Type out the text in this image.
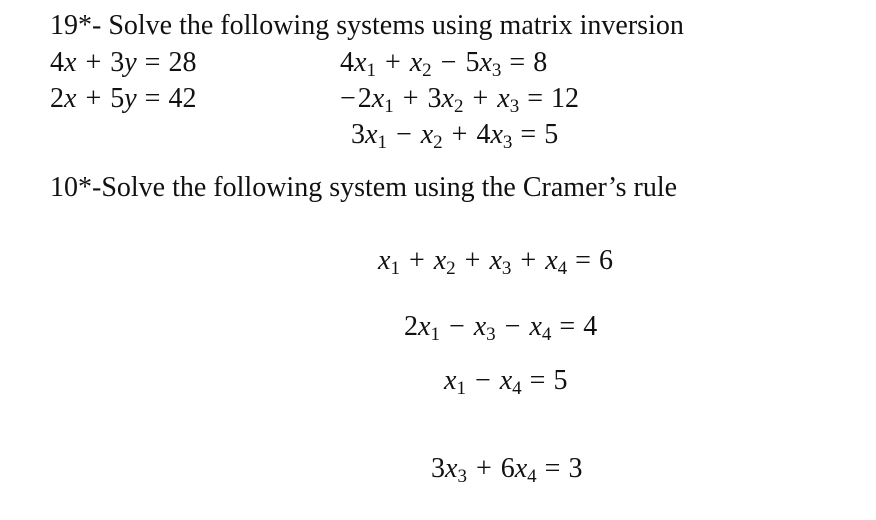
19*- Solve the following systems using matrix inversion
4x + 3y = 28
2x + 5y = 42
4x1 + x2 − 5x3 = 8
−2x1 + 3x2 + x3 = 12
3x1 − x2 + 4x3 = 5
10*-Solve the following system using the Cramer’s rule
x1 + x2 + x3 + x4 = 6
2x1 − x3 − x4 = 4
x1 − x4 = 5
3x3 + 6x4 = 3
